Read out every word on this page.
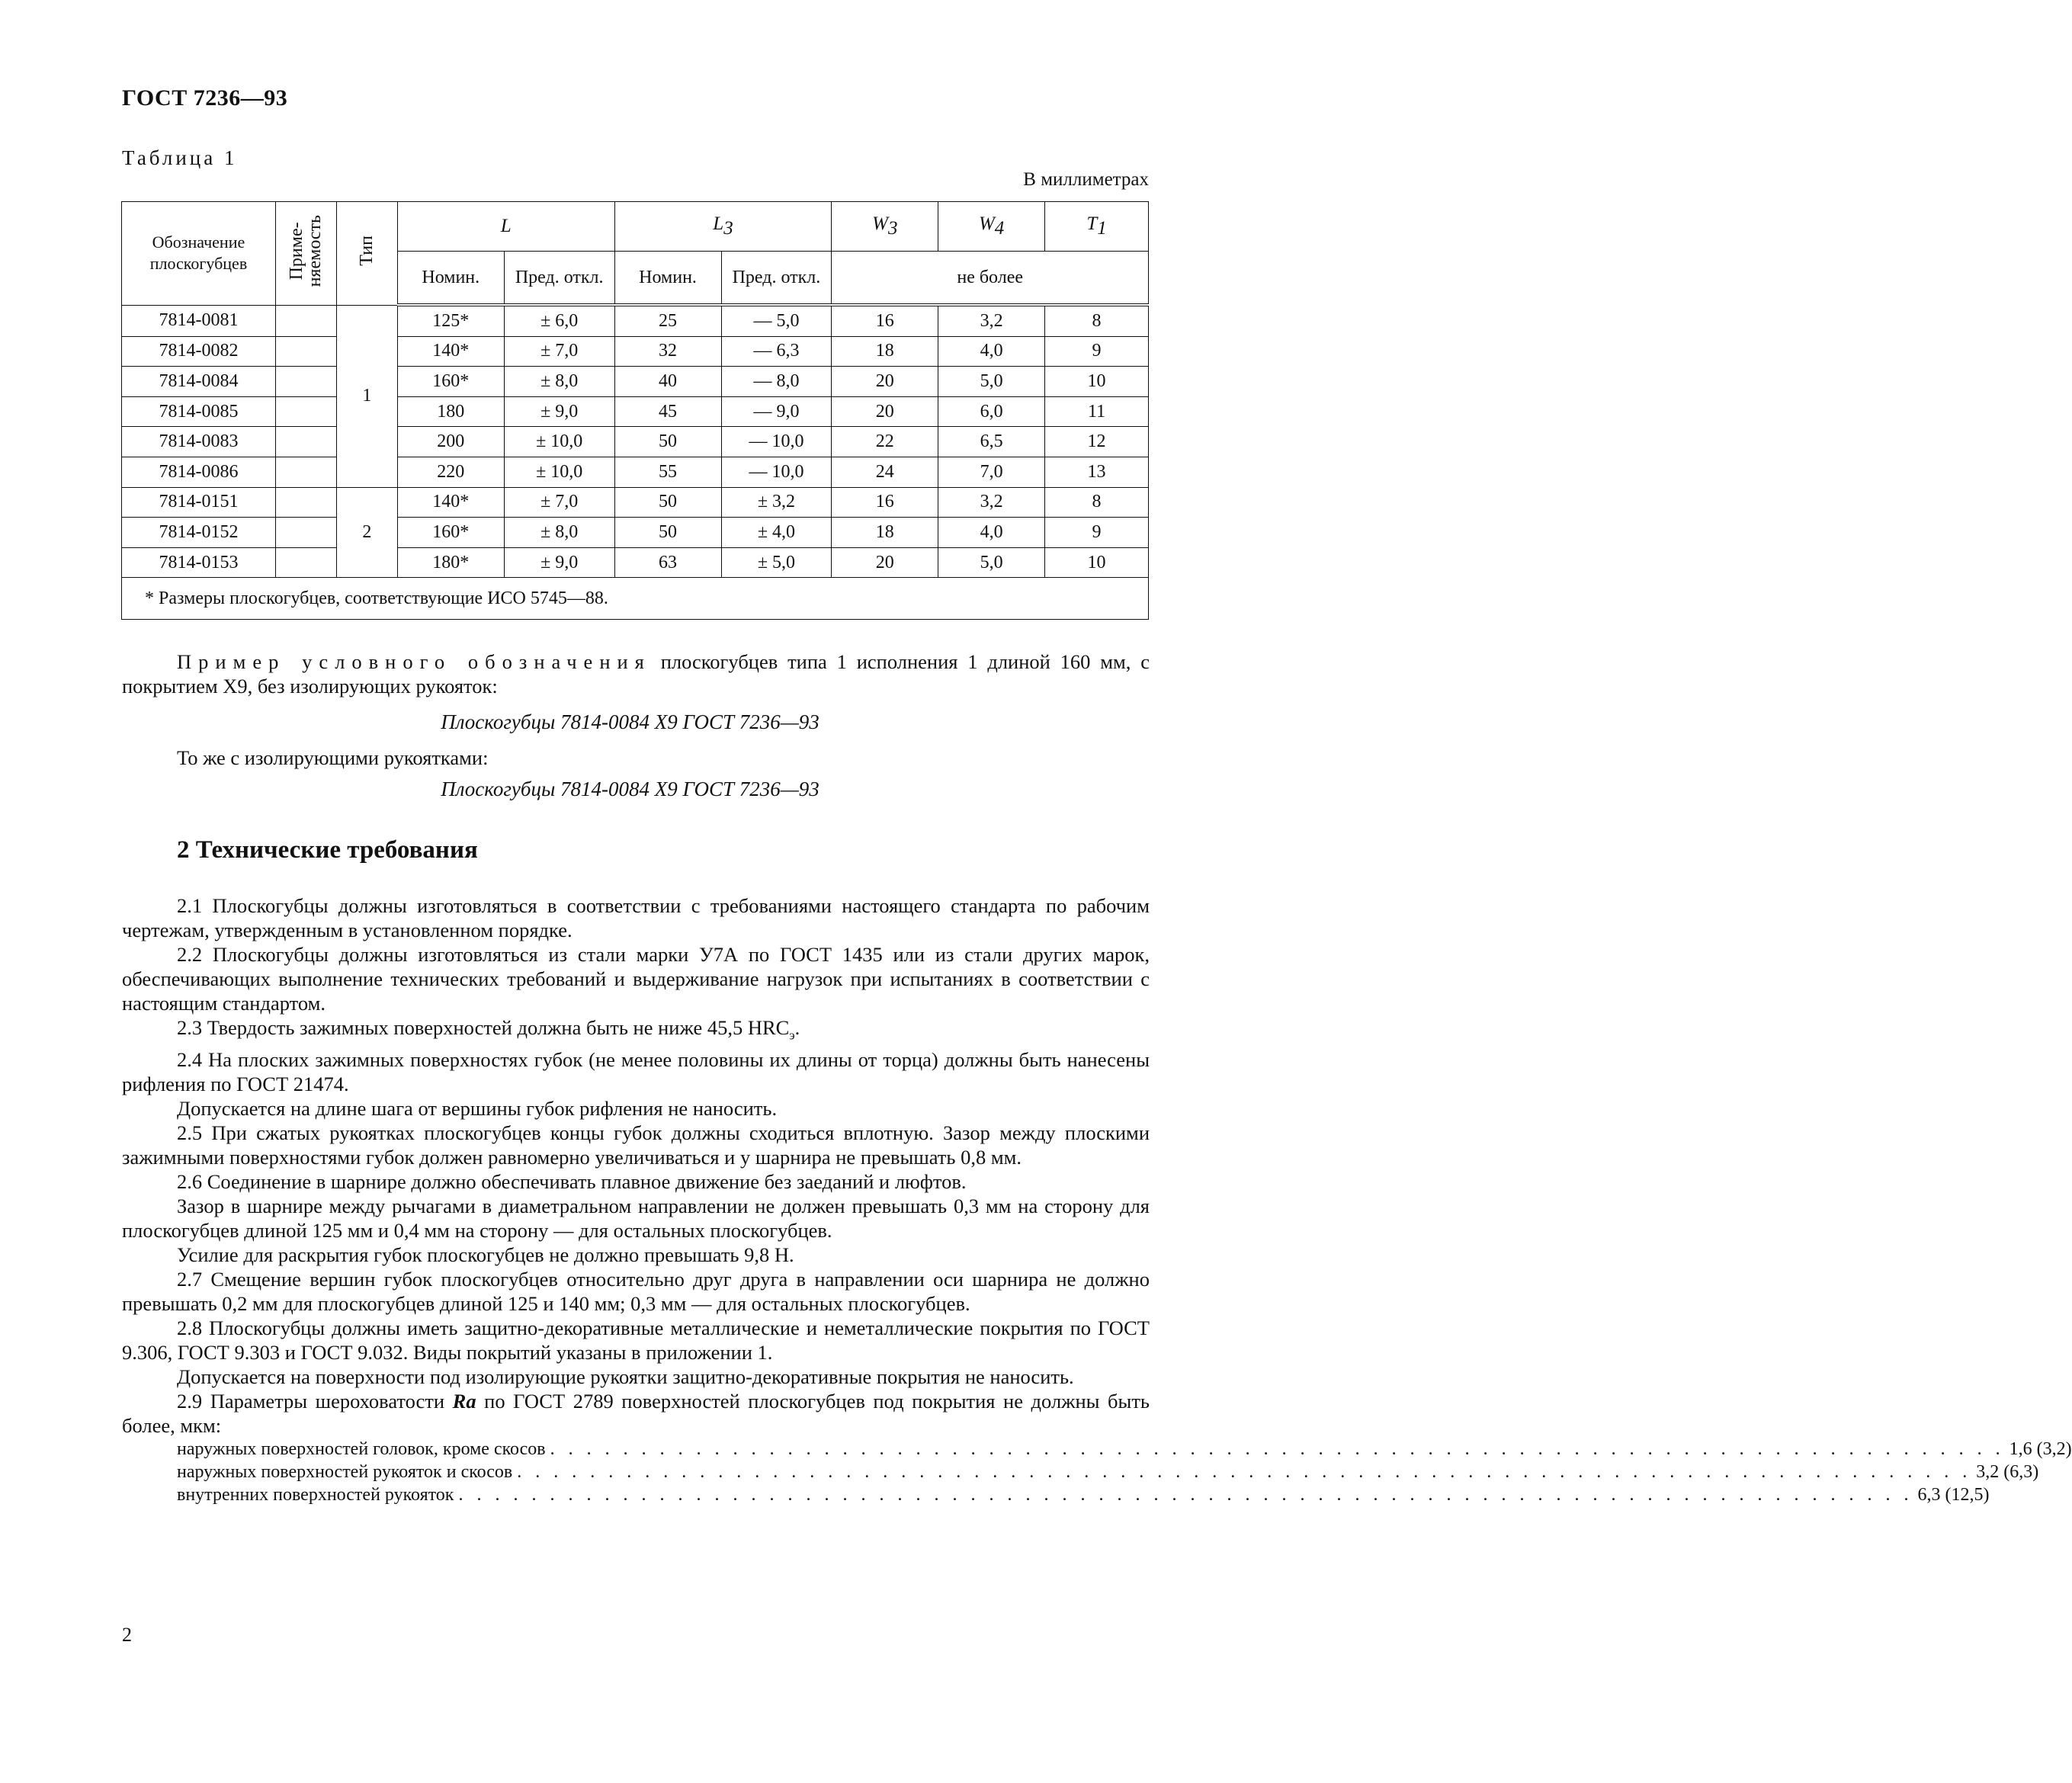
ГОСТ 7236—93
Таблица 1
В миллиметрах
Обозначение плоскогубцев	Приме-
няемость	Тип	L		$L_3$		$W_3$	$W_4$	$T_1$
			Номин.	Пред. откл.	Номин.	Пред. откл.	не более		
7814-0081		1	125*	± 6,0	25	— 5,0	16	3,2	8
7814-0082			140*	± 7,0	32	— 6,3	18	4,0	9
7814-0084			160*	± 8,0	40	— 8,0	20	5,0	10
7814-0085			180	± 9,0	45	— 9,0	20	6,0	11
7814-0083			200	± 10,0	50	— 10,0	22	6,5	12
7814-0086			220	± 10,0	55	— 10,0	24	7,0	13
7814-0151		2	140*	± 7,0	50	± 3,2	16	3,2	8
7814-0152			160*	± 8,0	50	± 4,0	18	4,0	9
7814-0153			180*	± 9,0	63	± 5,0	20	5,0	10
* Размеры плоскогубцев, соответствующие ИСО 5745—88.									
Пример условного обозначения плоскогубцев типа 1 исполнения 1 длиной 160 мм, с покрытием Х9, без изолирующих рукояток:
Плоскогубцы 7814-0084 Х9 ГОСТ 7236—93
То же с изолирующими рукоятками:
Плоскогубцы 7814-0084 Х9 ГОСТ 7236—93
2 Технические требования
2.1 Плоскогубцы должны изготовляться в соответствии с требованиями настоящего стандарта по рабочим чертежам, утвержденным в установленном порядке.
2.2 Плоскогубцы должны изготовляться из стали марки У7А по ГОСТ 1435 или из стали других марок, обеспечивающих выполнение технических требований и выдерживание нагрузок при испытаниях в соответствии с настоящим стандартом.
2.3 Твердость зажимных поверхностей должна быть не ниже 45,5 $HRC_э$.
2.4 На плоских зажимных поверхностях губок (не менее половины их длины от торца) должны быть нанесены рифления по ГОСТ 21474.
Допускается на длине шага от вершины губок рифления не наносить.
2.5 При сжатых рукоятках плоскогубцев концы губок должны сходиться вплотную. Зазор между плоскими зажимными поверхностями губок должен равномерно увеличиваться и у шарнира не превышать 0,8 мм.
2.6 Соединение в шарнире должно обеспечивать плавное движение без заеданий и люфтов.
Зазор в шарнире между рычагами в диаметральном направлении не должен превышать 0,3 мм на сторону для плоскогубцев длиной 125 мм и 0,4 мм на сторону — для остальных плоскогубцев.
Усилие для раскрытия губок плоскогубцев не должно превышать 9,8 Н.
2.7 Смещение вершин губок плоскогубцев относительно друг друга в направлении оси шарнира не должно превышать 0,2 мм для плоскогубцев длиной 125 и 140 мм; 0,3 мм — для остальных плоскогубцев.
2.8 Плоскогубцы должны иметь защитно-декоративные металлические и неметаллические покрытия по ГОСТ 9.306, ГОСТ 9.303 и ГОСТ 9.032. Виды покрытий указаны в приложении 1.
Допускается на поверхности под изолирующие рукоятки защитно-декоративные покрытия не наносить.
2.9 Параметры шероховатости Ra по ГОСТ 2789 поверхностей плоскогубцев под покрытия не должны быть более, мкм:
наружных поверхностей головок, кроме скосов . . . . . . . . . . . . . . . . . . . . . . . . . . . . . . . . . . . . . . . . . . . . . . . . . . . . . . . . . . . . . . . . . . . . . . . . . . . . . . . . 1,6 (3,2)
наружных поверхностей рукояток и скосов . . . . . . . . . . . . . . . . . . . . . . . . . . . . . . . . . . . . . . . . . . . . . . . . . . . . . . . . . . . . . . . . . . . . . . . . . . . . . . . . 3,2 (6,3)
внутренних поверхностей рукояток . . . . . . . . . . . . . . . . . . . . . . . . . . . . . . . . . . . . . . . . . . . . . . . . . . . . . . . . . . . . . . . . . . . . . . . . . . . . . . . . 6,3 (12,5)
2
